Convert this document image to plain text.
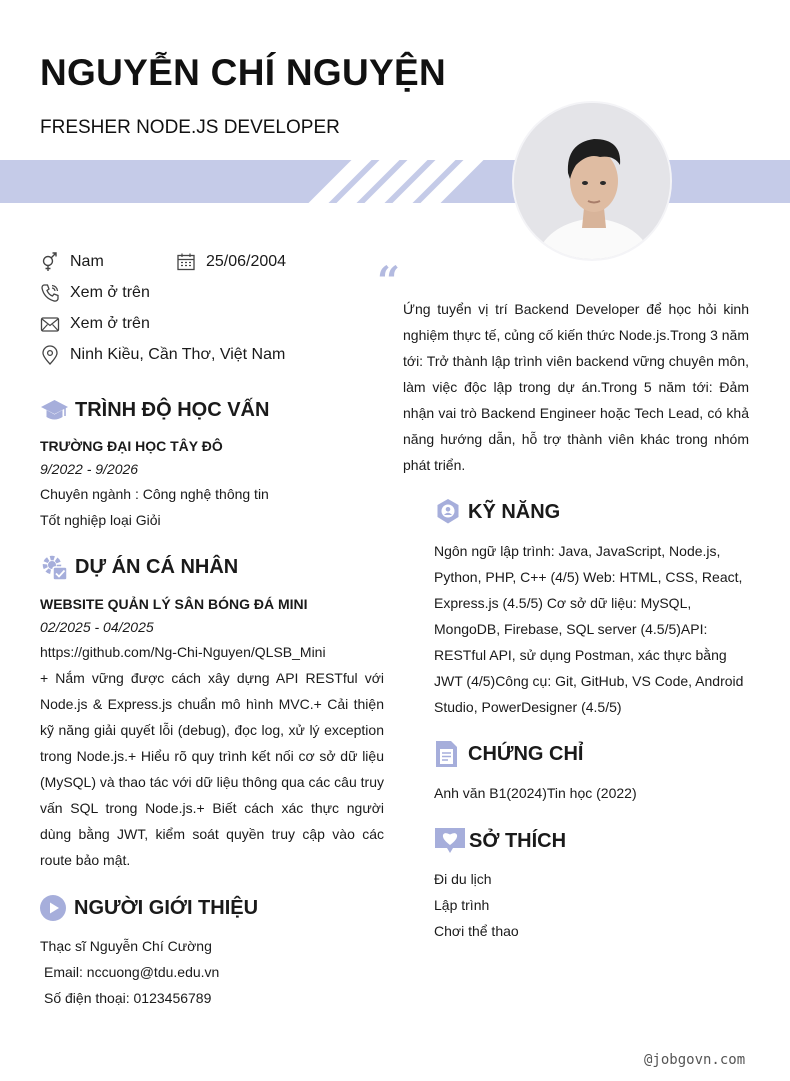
NGUYỄN CHÍ NGUYỆN
FRESHER NODE.JS DEVELOPER
Nam	25/06/2004
Xem ở trên
Xem ở trên
Ninh Kiều, Cần Thơ, Việt Nam
TRÌNH ĐỘ HỌC VẤN
TRƯỜNG ĐẠI HỌC TÂY ĐÔ
9/2022 - 9/2026
Chuyên ngành : Công nghệ thông tin
Tốt nghiệp loại Giỏi
DỰ ÁN CÁ NHÂN
WEBSITE QUẢN LÝ SÂN BÓNG ĐÁ MINI
02/2025 - 04/2025
https://github.com/Ng-Chi-Nguyen/QLSB_Mini
+ Nắm vững được cách xây dựng API RESTful với Node.js & Express.js chuẩn mô hình MVC.+ Cải thiện kỹ năng giải quyết lỗi (debug), đọc log, xử lý exception trong Node.js.+ Hiểu rõ quy trình kết nối cơ sở dữ liệu (MySQL) và thao tác với dữ liệu thông qua các câu truy vấn SQL trong Node.js.+ Biết cách xác thực người dùng bằng JWT, kiểm soát quyền truy cập vào các route bảo mật.
NGƯỜI GIỚI THIỆU
Thạc sĩ Nguyễn Chí Cường
Email: nccuong@tdu.edu.vn
Số điện thoại: 0123456789
“
Ứng tuyển vị trí Backend Developer để học hỏi kinh nghiệm thực tế, củng cố kiến thức Node.js.Trong 3 năm tới: Trở thành lập trình viên backend vững chuyên môn, làm việc độc lập trong dự án.Trong 5 năm tới: Đảm nhận vai trò Backend Engineer hoặc Tech Lead, có khả năng hướng dẫn, hỗ trợ thành viên khác trong nhóm phát triển.
KỸ NĂNG
Ngôn ngữ lập trình: Java, JavaScript, Node.js, Python, PHP, C++ (4/5) Web: HTML, CSS, React, Express.js (4.5/5) Cơ sở dữ liệu: MySQL, MongoDB, Firebase, SQL server (4.5/5)API: RESTful API, sử dụng Postman, xác thực bằng JWT (4/5)Công cụ: Git, GitHub, VS Code, Android Studio, PowerDesigner (4.5/5)
CHỨNG CHỈ
Anh văn B1(2024)Tin học (2022)
SỞ THÍCH
Đi du lịch
Lập trình
Chơi thể thao
@jobgovn.com
